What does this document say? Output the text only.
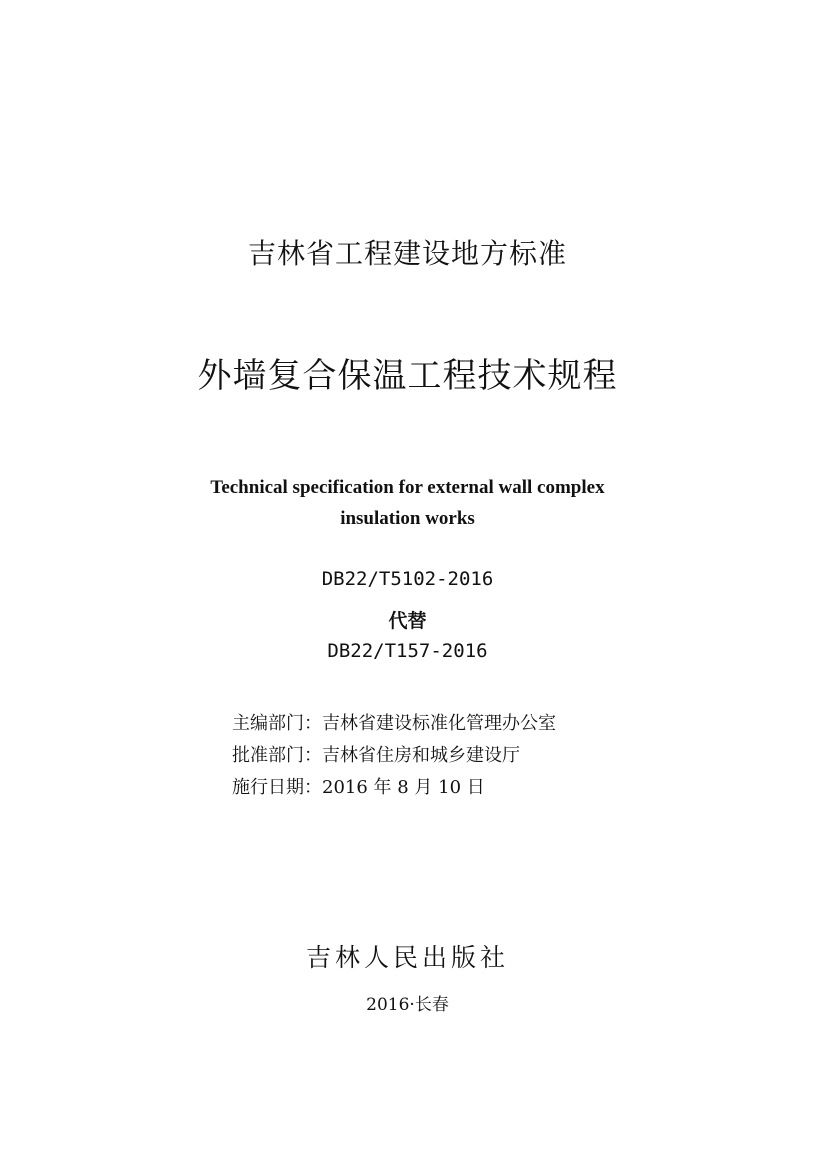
吉林省工程建设地方标准
外墙复合保温工程技术规程
Technical specification for external wall complex
insulation works
DB22/T5102-2016
代替
DB22/T157-2016
主编部门：吉林省建设标准化管理办公室
批准部门：吉林省住房和城乡建设厅
施行日期：2016 年 8 月 10 日
吉林人民出版社
2016·长春
